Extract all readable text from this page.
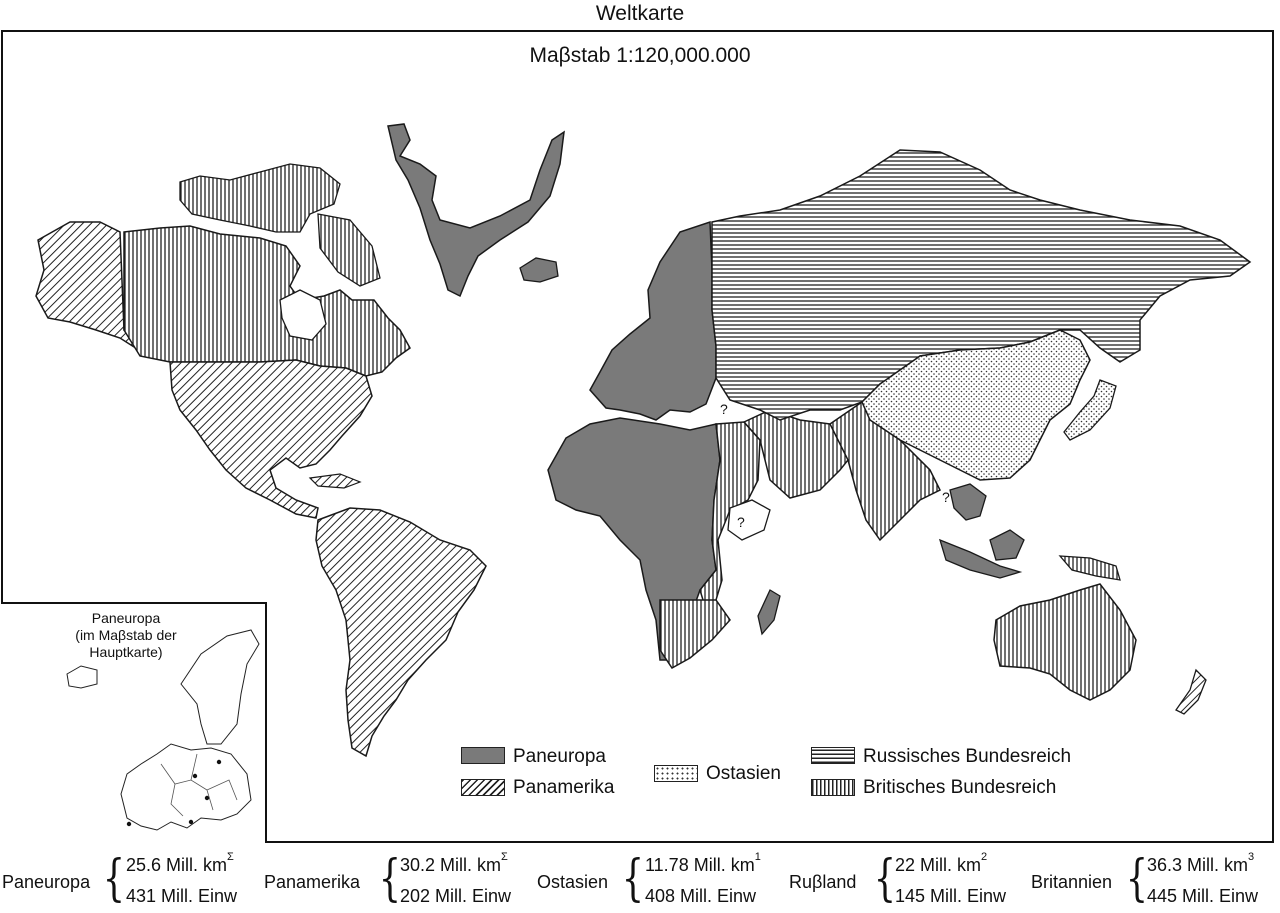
Weltkarte
Maβstab 1:120,000.000
?
?
?
Paneuropa
(im Maβstab der
Hauptkarte)
Paneuropa
Panamerika
Ostasien
Russisches Bundesreich
Britisches Bundesreich
Paneuropa { 25.6 Mill. $km^\Sigma$
431 Mill. Einw
Panamerika {
30.2 Mill. $km^\Sigma$
202 Mill. Einw
Ostasien { 11.78 Mill. $km^1$
408 Mill. Einw
Ruβland {
22 Mill. $km^2$
145 Mill. Einw
Britannien {
36.3 Mill. $km^3$
445 Mill. Einw
